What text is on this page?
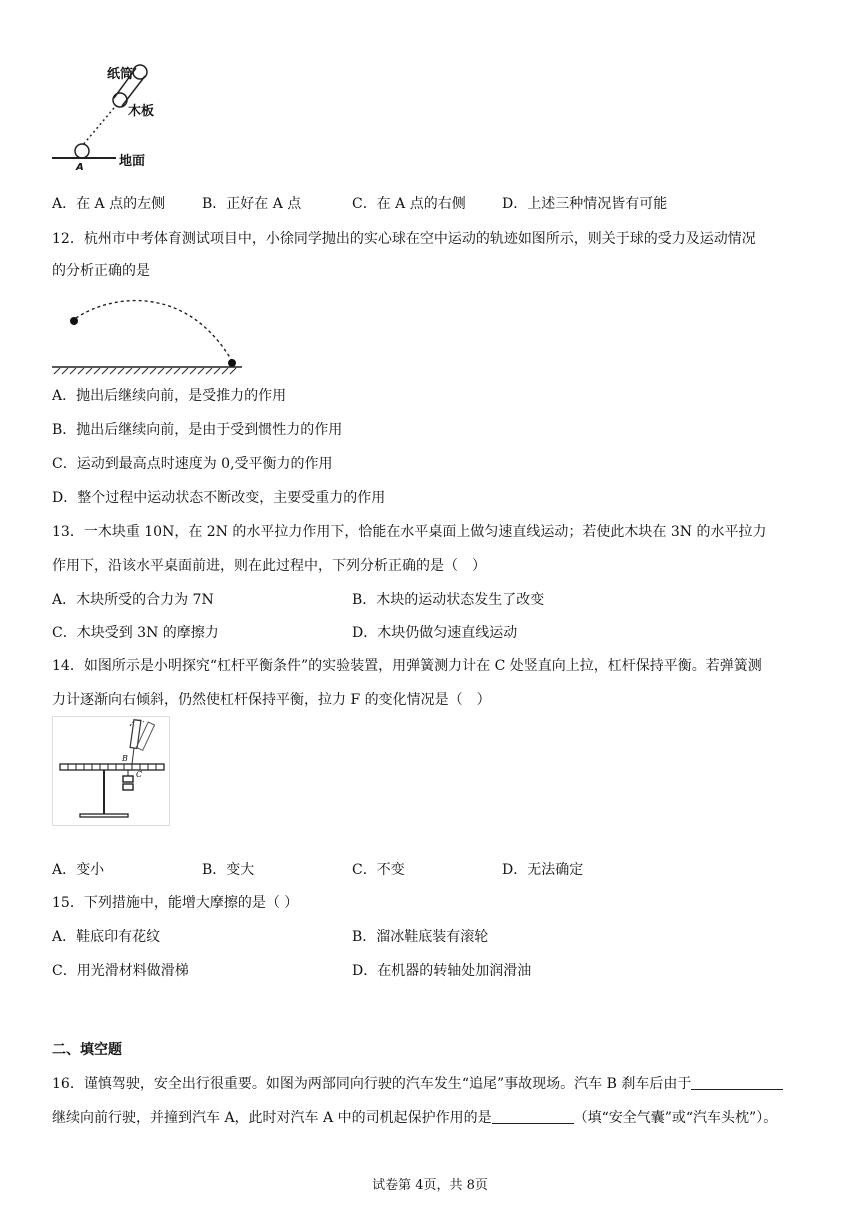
纸筒
木板
地面
A
A．在 A 点的左侧	B．正好在 A 点	C．在 A 点的右侧	D．上述三种情况皆有可能
12．杭州市中考体育测试项目中，小徐同学抛出的实心球在空中运动的轨迹如图所示，则关于球的受力及运动情况
的分析正确的是
A．抛出后继续向前，是受推力的作用
B．抛出后继续向前，是由于受到惯性力的作用
C．运动到最高点时速度为 0,受平衡力的作用
D．整个过程中运动状态不断改变，主要受重力的作用
13．一木块重 10N，在 2N 的水平拉力作用下，恰能在水平桌面上做匀速直线运动；若使此木块在 3N 的水平拉力
作用下，沿该水平桌面前进，则在此过程中，下列分析正确的是（　）
A．木块所受的合力为 7N	B．木块的运动状态发生了改变
C．木块受到 3N 的摩擦力	D．木块仍做匀速直线运动
14．如图所示是小明探究“杠杆平衡条件”的实验装置，用弹簧测力计在 C 处竖直向上拉，杠杆保持平衡。若弹簧测
力计逐渐向右倾斜，仍然使杠杆保持平衡，拉力 F 的变化情况是（　）
B
C
A．变小	B．变大	C．不变	D．无法确定
15．下列措施中，能增大摩擦的是（ ）
A．鞋底印有花纹	B．溜冰鞋底装有滚轮
C．用光滑材料做滑梯	D．在机器的转轴处加润滑油
二、填空题
16．谨慎驾驶，安全出行很重要。如图为两部同向行驶的汽车发生“追尾”事故现场。汽车 B 刹车后由于
继续向前行驶，并撞到汽车 A，此时对汽车 A 中的司机起保护作用的是	（填“安全气囊”或“汽车头枕”）。
试卷第 4页，共 8页
